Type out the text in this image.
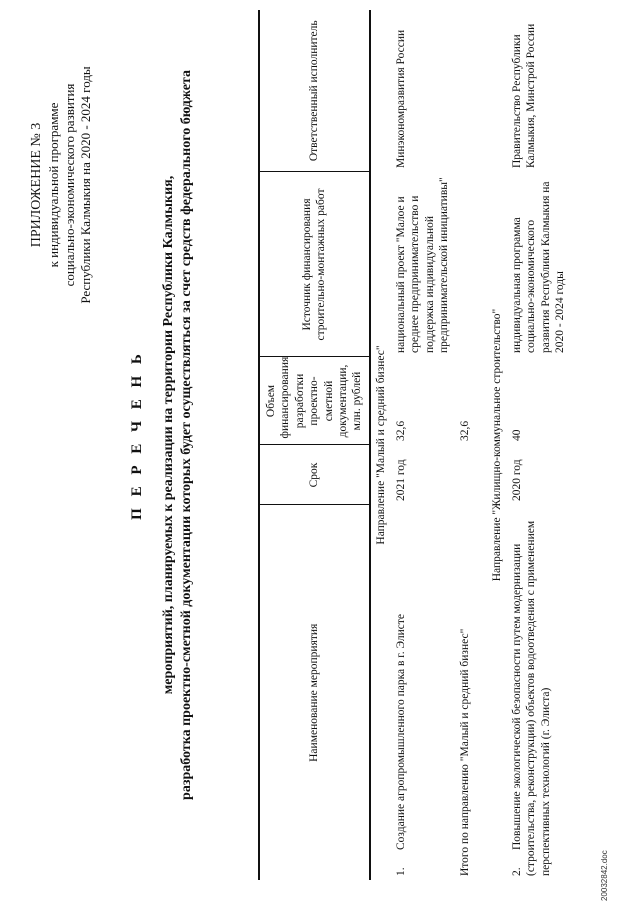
ПРИЛОЖЕНИЕ № 3 к индивидуальной программе социально-экономического развития Республики Калмыкия на 2020 - 2024 годы
П Е Р Е Ч Е Н Ь мероприятий, планируемых к реализации на территории Республики Калмыкия, разработка проектно-сметной документации которых будет осуществляться за счет средств федерального бюджета	Наименование мероприятия	Срок	Объем финансирования разработки проектно-сметной документации, млн. рублей	Источник финансирования строительно-монтажных работ	Ответственный исполнитель
Направление "Малый и средний бизнес"				
1.Создание агропромышленного парка в г. Элисте	2021 год	32,6	национальный проект "Малое и среднее предпринимательство и поддержка индивидуальной предпринимательской инициативы"	Минэкономразвития России
Итого по направлению "Малый и средний бизнес"		32,6		
Направление "Жилищно-коммунальное строительство"				
2.Повышение экологической безопасности путем модернизации (строительства, реконструкции) объектов водоотведения с применением перспективных технологий (г. Элиста)	2020 год	40	индивидуальная программа социально-экономического развития Республики Калмыкия на 2020 - 2024 годы	Правительство Республики Калмыкия, Минстрой России
20032842.doc
